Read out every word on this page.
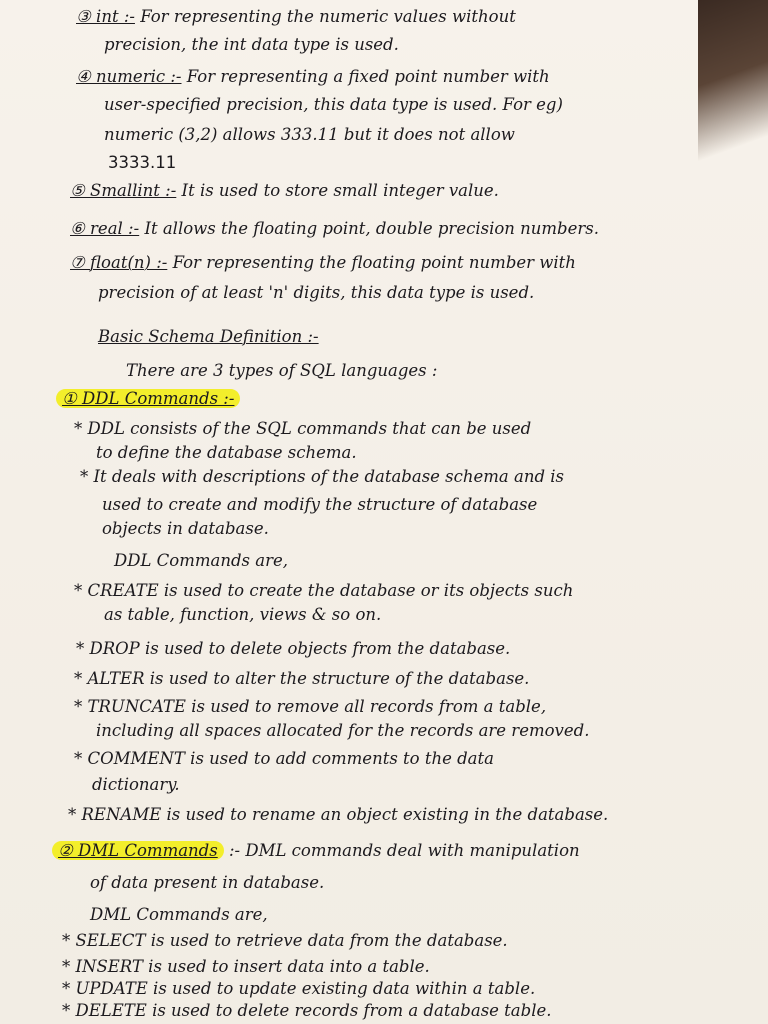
③ int :- For representing the numeric values without
precision, the int data type is used.
④ numeric :- For representing a fixed point number with
user-specified precision, this data type is used. For eg)
numeric (3,2) allows 333.11 but it does not allow
3333.11
⑤ Smallint :- It is used to store small integer value.
⑥ real :- It allows the floating point, double precision numbers.
⑦ float(n) :- For representing the floating point number with
precision of at least 'n' digits, this data type is used.
Basic Schema Definition :-
There are 3 types of SQL languages :
① DDL Commands :-
* DDL consists of the SQL commands that can be used
to define the database schema.
* It deals with descriptions of the database schema and is
used to create and modify the structure of database
objects in database.
DDL Commands are,
* CREATE is used to create the database or its objects such
as table, function, views & so on.
* DROP is used to delete objects from the database.
* ALTER is used to alter the structure of the database.
* TRUNCATE is used to remove all records from a table,
including all spaces allocated for the records are removed.
* COMMENT is used to add comments to the data
dictionary.
* RENAME is used to rename an object existing in the database.
② DML Commands :- DML commands deal with manipulation
of data present in database.
DML Commands are,
* SELECT is used to retrieve data from the database.
* INSERT is used to insert data into a table.
* UPDATE is used to update existing data within a table.
* DELETE is used to delete records from a database table.
